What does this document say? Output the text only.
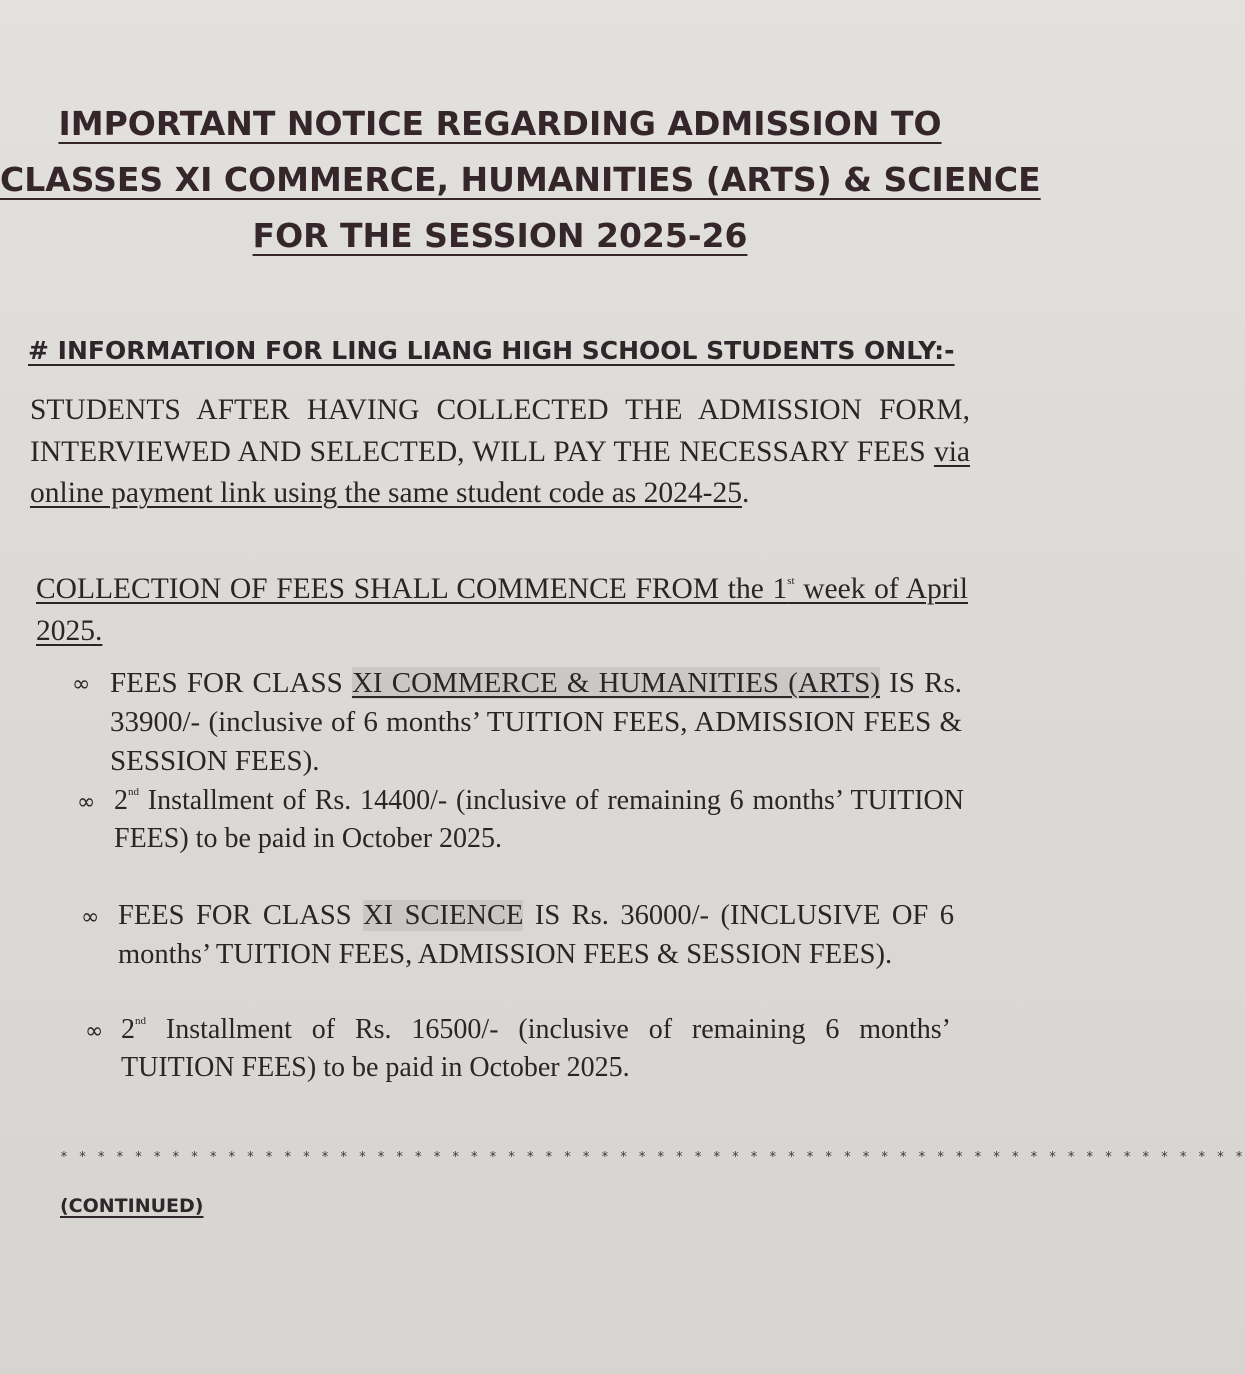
IMPORTANT NOTICE REGARDING ADMISSION TO
CLASSES XI COMMERCE, HUMANITIES (ARTS) & SCIENCE
FOR THE SESSION 2025-26
# INFORMATION FOR LING LIANG HIGH SCHOOL STUDENTS ONLY:-
STUDENTS AFTER HAVING COLLECTED THE ADMISSION FORM, INTERVIEWED AND SELECTED, WILL PAY THE NECESSARY FEES via online payment link using the same student code as 2024-25.
COLLECTION OF FEES SHALL COMMENCE FROM the 1st week of April 2025.
∞ FEES FOR CLASS XI COMMERCE & HUMANITIES (ARTS) IS Rs. 33900/- (inclusive of 6 months’ TUITION FEES, ADMISSION FEES & SESSION FEES).
∞ 2nd Installment of Rs. 14400/- (inclusive of remaining 6 months’ TUITION FEES) to be paid in October 2025.
∞ FEES FOR CLASS XI SCIENCE IS Rs. 36000/- (INCLUSIVE OF 6 months’ TUITION FEES, ADMISSION FEES & SESSION FEES).
∞ 2nd Installment of Rs. 16500/- (inclusive of remaining 6 months’ TUITION FEES) to be paid in October 2025.
* * * * * * * * * * * * * * * * * * * * * * * * * * * * * * * * * * * * * * * * * * * * * * * * * * * * * * * * * * * * * * * *
(CONTINUED)
